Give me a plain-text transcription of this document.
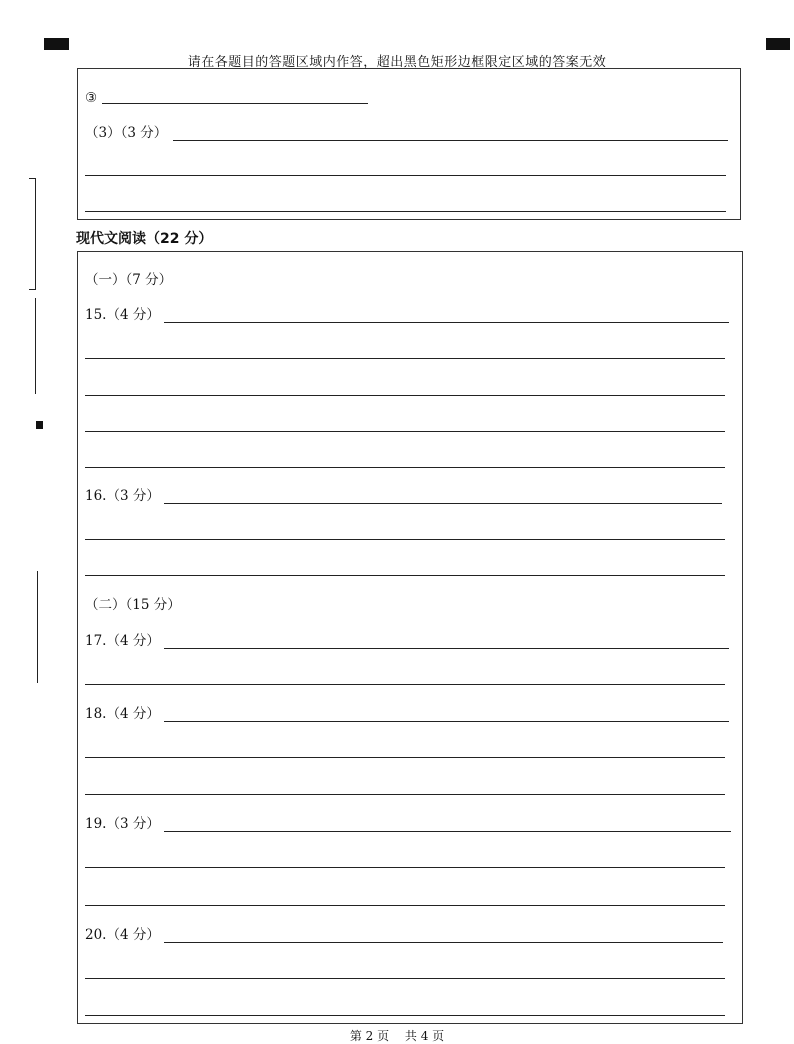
请在各题目的答题区域内作答，超出黑色矩形边框限定区域的答案无效
③
（3）（3 分）
现代文阅读（22 分）
（一）（7 分）
15.（4 分）
16.（3 分）
（二）（15 分）
17.（4 分）
18.（4 分）
19.（3 分）
20.（4 分）
第 2 页 共 4 页
